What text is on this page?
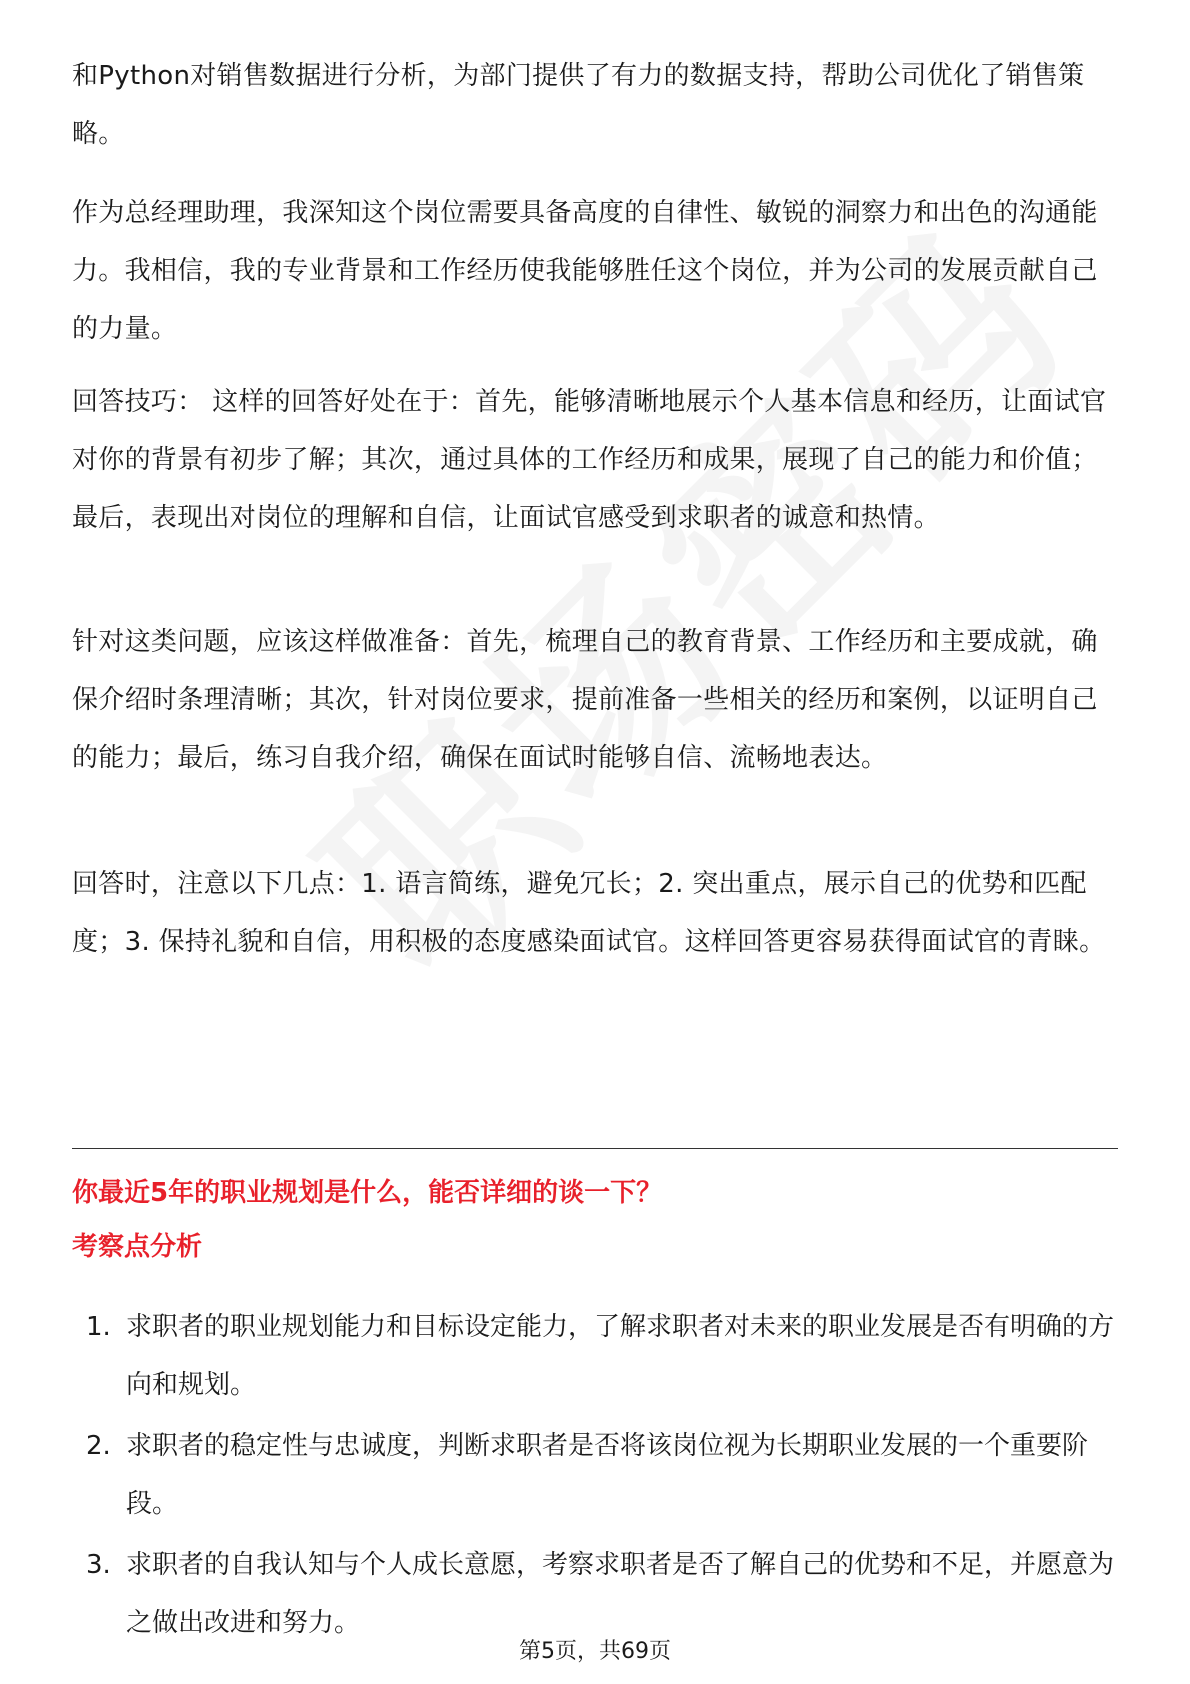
和Python对销售数据进行分析，为部门提供了有力的数据支持，帮助公司优化了销售策略。

作为总经理助理，我深知这个岗位需要具备高度的自律性、敏锐的洞察力和出色的沟通能力。我相信，我的专业背景和工作经历使我能够胜任这个岗位，并为公司的发展贡献自己的力量。

回答技巧： 这样的回答好处在于：首先，能够清晰地展示个人基本信息和经历，让面试官对你的背景有初步了解；其次，通过具体的工作经历和成果，展现了自己的能力和价值；最后，表现出对岗位的理解和自信，让面试官感受到求职者的诚意和热情。

针对这类问题，应该这样做准备：首先，梳理自己的教育背景、工作经历和主要成就，确保介绍时条理清晰；其次，针对岗位要求，提前准备一些相关的经历和案例，以证明自己的能力；最后，练习自我介绍，确保在面试时能够自信、流畅地表达。

回答时，注意以下几点：1. 语言简练，避免冗长；2. 突出重点，展示自己的优势和匹配度；3. 保持礼貌和自信，用积极的态度感染面试官。这样回答更容易获得面试官的青睐。

你最近5年的职业规划是什么，能否详细的谈一下？
考察点分析
1. 求职者的职业规划能力和目标设定能力，了解求职者对未来的职业发展是否有明确的方向和规划。
2. 求职者的稳定性与忠诚度，判断求职者是否将该岗位视为长期职业发展的一个重要阶段。
3. 求职者的自我认知与个人成长意愿，考察求职者是否了解自己的优势和不足，并愿意为之做出改进和努力。
第5页，共69页
